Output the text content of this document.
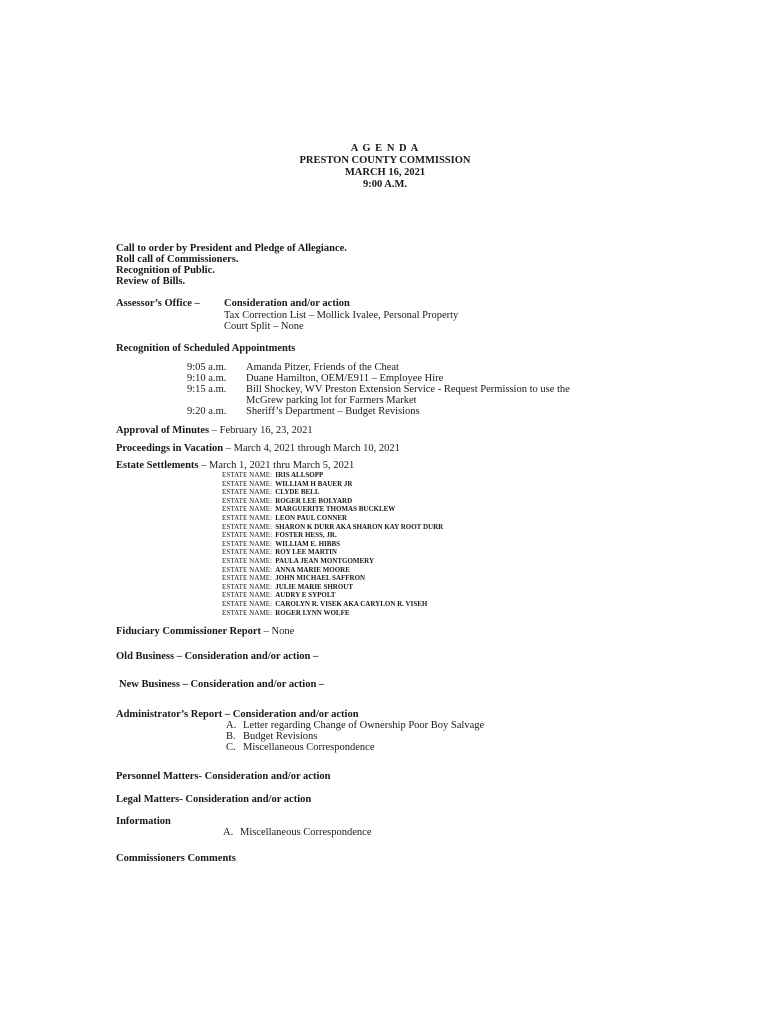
A G E N D A
PRESTON COUNTY COMMISSION
MARCH 16, 2021
9:00 A.M.
Call to order by President and Pledge of Allegiance.
Roll call of Commissioners.
Recognition of Public.
Review of Bills.
Assessor’s Office – Consideration and/or action
Tax Correction List – Mollick Ivalee, Personal Property
Court Split – None
Recognition of Scheduled Appointments
9:05 a.m. Amanda Pitzer, Friends of the Cheat
9:10 a.m. Duane Hamilton, OEM/E911 – Employee Hire
9:15 a.m. Bill Shockey, WV Preston Extension Service - Request Permission to use the
McGrew parking lot for Farmers Market
9:20 a.m. Sheriff’s Department – Budget Revisions
Approval of Minutes – February 16, 23, 2021
Proceedings in Vacation – March 4, 2021 through March 10, 2021
Estate Settlements – March 1, 2021 thru March 5, 2021
ESTATE NAME: IRIS ALLSOPP
ESTATE NAME: WILLIAM H BAUER JR
ESTATE NAME: CLYDE BELL
ESTATE NAME: ROGER LEE BOLYARD
ESTATE NAME: MARGUERITE THOMAS BUCKLEW
ESTATE NAME: LEON PAUL CONNER
ESTATE NAME: SHARON K DURR AKA SHARON KAY ROOT DURR
ESTATE NAME: FOSTER HESS, JR.
ESTATE NAME: WILLIAM E. HIBBS
ESTATE NAME: ROY LEE MARTIN
ESTATE NAME: PAULA JEAN MONTGOMERY
ESTATE NAME: ANNA MARIE MOORE
ESTATE NAME: JOHN MICHAEL SAFFRON
ESTATE NAME: JULIE MARIE SHROUT
ESTATE NAME: AUDRY E SYPOLT
ESTATE NAME: CAROLYN R. VISEK AKA CARYLON R. VISEH
ESTATE NAME: ROGER LYNN WOLFE
Fiduciary Commissioner Report – None
Old Business – Consideration and/or action –
New Business – Consideration and/or action –
Administrator’s Report – Consideration and/or action
A. Letter regarding Change of Ownership Poor Boy Salvage
B. Budget Revisions
C. Miscellaneous Correspondence
Personnel Matters- Consideration and/or action
Legal Matters- Consideration and/or action
Information
A. Miscellaneous Correspondence
Commissioners Comments
